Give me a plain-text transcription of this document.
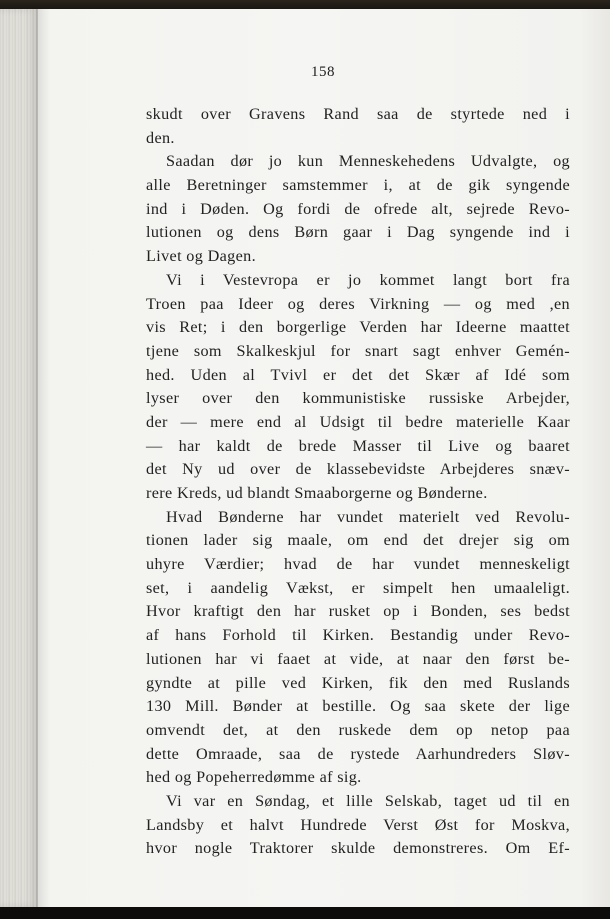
158
skudt over Gravens Rand saa de styrtede ned i
den.
Saadan dør jo kun Menneskehedens Udvalgte, og
alle Beretninger samstemmer i, at de gik syngende
ind i Døden. Og fordi de ofrede alt, sejrede Revo-
lutionen og dens Børn gaar i Dag syngende ind i
Livet og Dagen.
Vi i Vestevropa er jo kommet langt bort fra
Troen paa Ideer og deres Virkning — og med ,en
vis Ret; i den borgerlige Verden har Ideerne maattet
tjene som Skalkeskjul for snart sagt enhver Gemén-
hed. Uden al Tvivl er det det Skær af Idé som
lyser over den kommunistiske russiske Arbejder,
der — mere end al Udsigt til bedre materielle Kaar
— har kaldt de brede Masser til Live og baaret
det Ny ud over de klassebevidste Arbejderes snæv-
rere Kreds, ud blandt Smaaborgerne og Bønderne.
Hvad Bønderne har vundet materielt ved Revolu-
tionen lader sig maale, om end det drejer sig om
uhyre Værdier; hvad de har vundet menneskeligt
set, i aandelig Vækst, er simpelt hen umaaleligt.
Hvor kraftigt den har rusket op i Bonden, ses bedst
af hans Forhold til Kirken. Bestandig under Revo-
lutionen har vi faaet at vide, at naar den først be-
gyndte at pille ved Kirken, fik den med Ruslands
130 Mill. Bønder at bestille. Og saa skete der lige
omvendt det, at den ruskede dem op netop paa
dette Omraade, saa de rystede Aarhundreders Sløv-
hed og Popeherredømme af sig.
Vi var en Søndag, et lille Selskab, taget ud til en
Landsby et halvt Hundrede Verst Øst for Moskva,
hvor nogle Traktorer skulde demonstreres. Om Ef-
